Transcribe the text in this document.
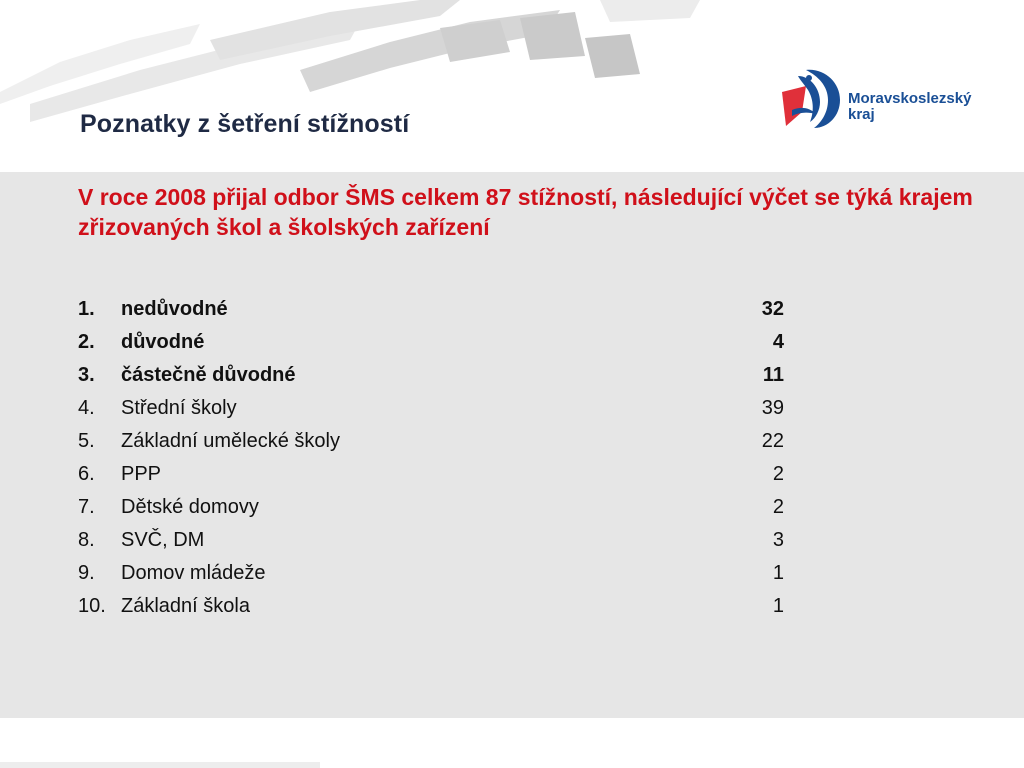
Poznatky z šetření stížností
Moravskoslezský
kraj
V roce 2008 přijal odbor ŠMS celkem 87 stížností, následující výčet se týká krajem zřizovaných škol a školských zařízení
1.	nedůvodné	32
2.	důvodné	4
3.	částečně důvodné	11
4.	Střední školy	39
5.	Základní umělecké školy	22
6.	PPP	2
7.	Dětské domovy	2
8.	SVČ, DM	3
9.	Domov mládeže	1
10. Základní škola	1
